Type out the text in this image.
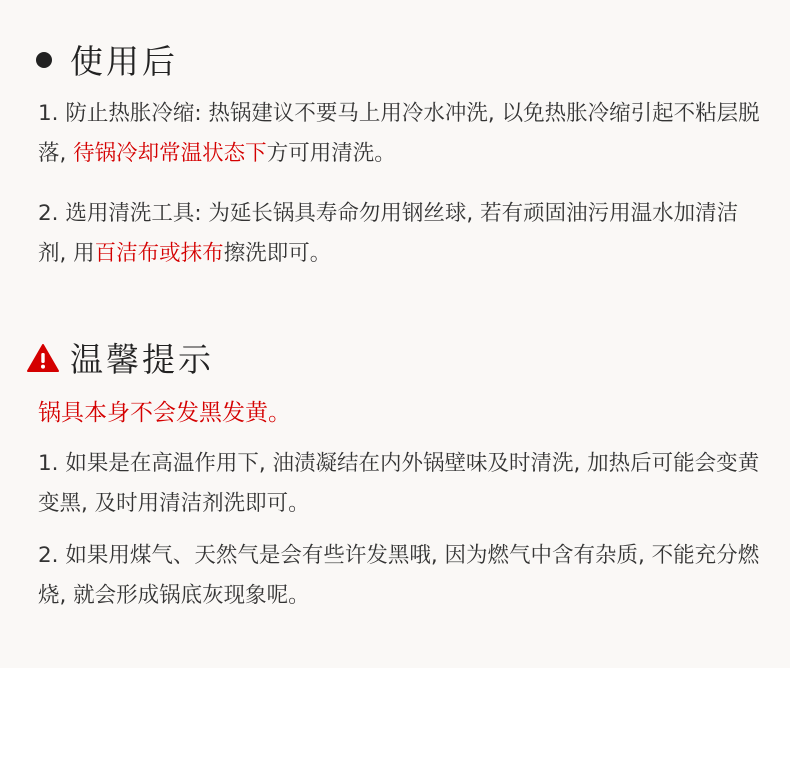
使用后
1. 防止热胀冷缩: 热锅建议不要马上用冷水冲洗, 以免热胀冷缩引起不粘层脱落, 待锅冷却常温状态下方可用清洗。
2. 选用清洗工具: 为延长锅具寿命勿用钢丝球, 若有顽固油污用温水加清洁剂, 用百洁布或抹布擦洗即可。
温馨提示
锅具本身不会发黑发黄。
1. 如果是在高温作用下, 油渍凝结在内外锅壁味及时清洗, 加热后可能会变黄变黑, 及时用清洁剂洗即可。
2. 如果用煤气、天然气是会有些许发黑哦, 因为燃气中含有杂质, 不能充分燃烧, 就会形成锅底灰现象呢。
